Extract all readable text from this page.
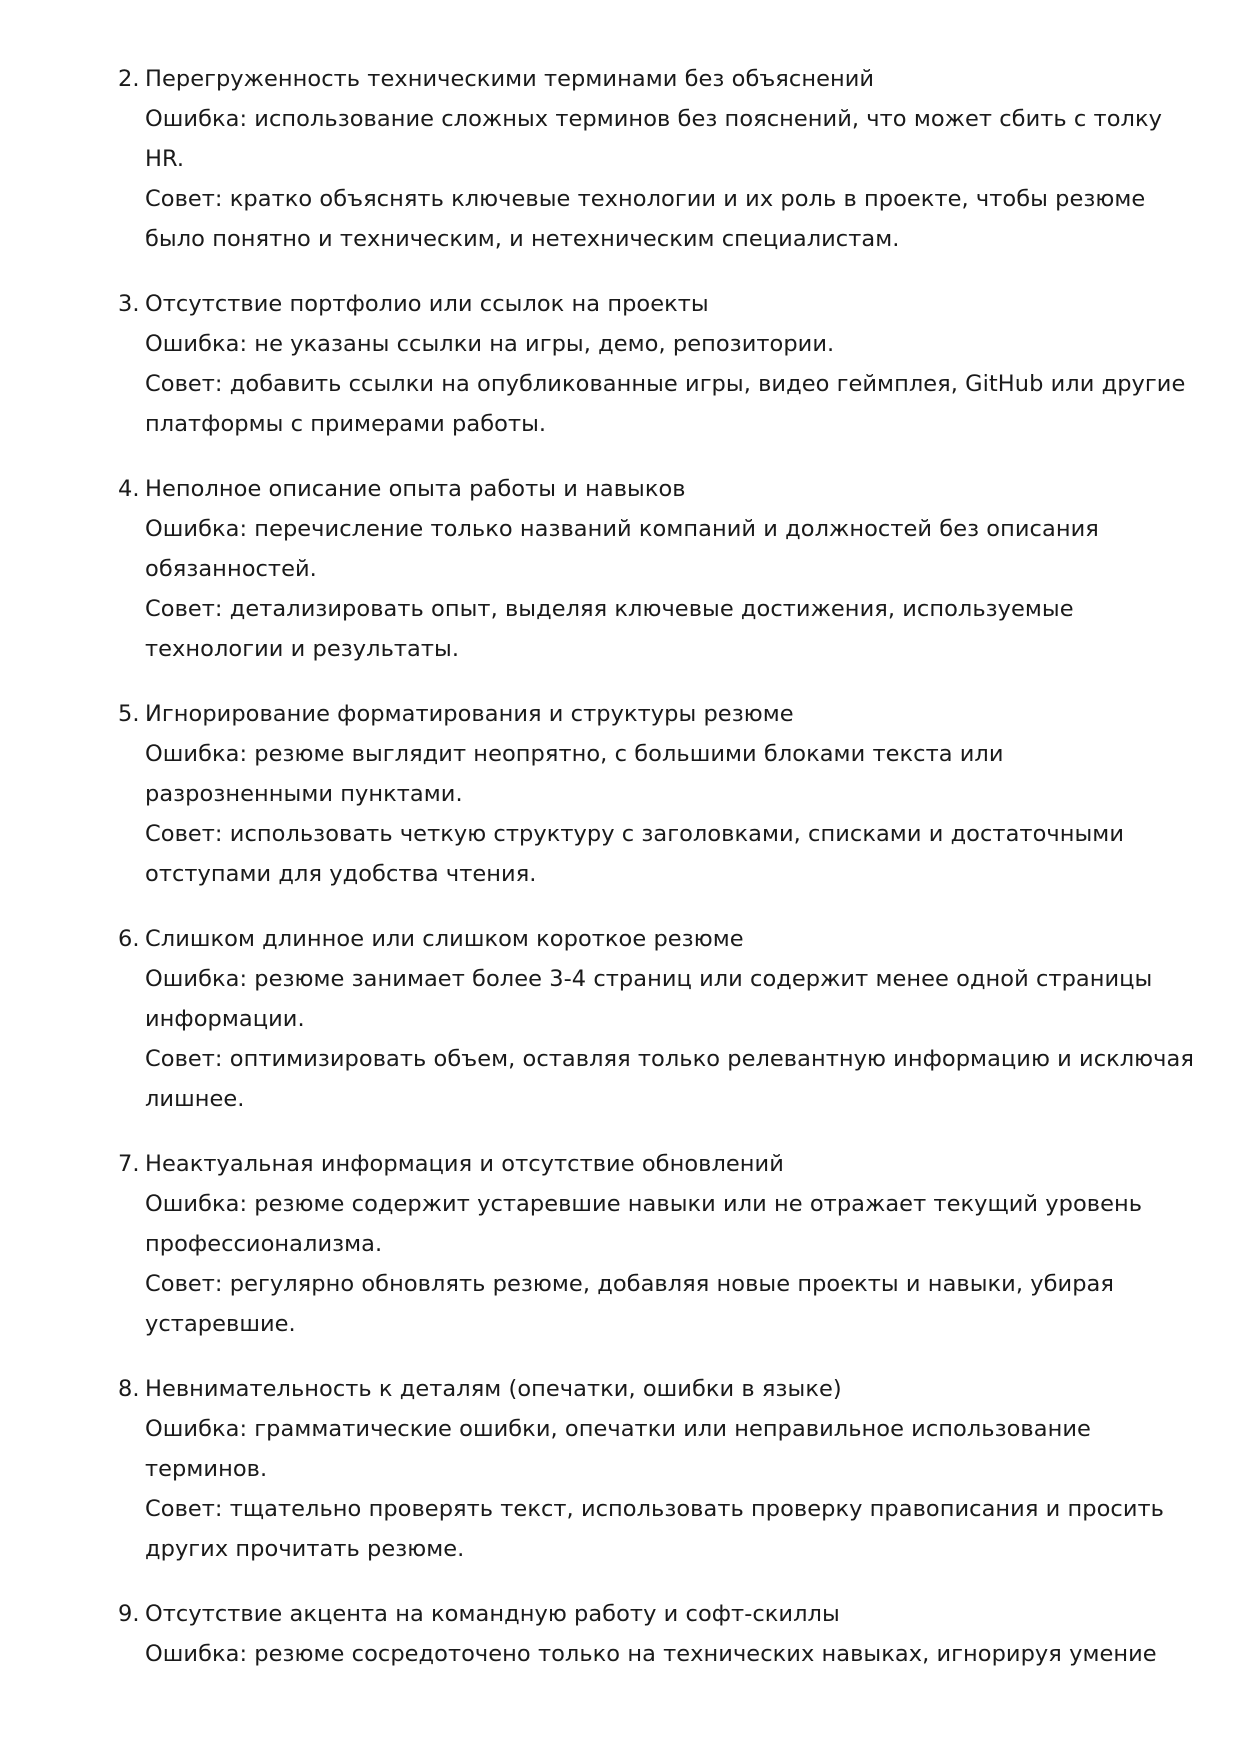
2. Перегруженность техническими терминами без объяснений
Ошибка: использование сложных терминов без пояснений, что может сбить с толку
HR.
Совет: кратко объяснять ключевые технологии и их роль в проекте, чтобы резюме
было понятно и техническим, и нетехническим специалистам.
3. Отсутствие портфолио или ссылок на проекты
Ошибка: не указаны ссылки на игры, демо, репозитории.
Совет: добавить ссылки на опубликованные игры, видео геймплея, GitHub или другие
платформы с примерами работы.
4. Неполное описание опыта работы и навыков
Ошибка: перечисление только названий компаний и должностей без описания
обязанностей.
Совет: детализировать опыт, выделяя ключевые достижения, используемые
технологии и результаты.
5. Игнорирование форматирования и структуры резюме
Ошибка: резюме выглядит неопрятно, с большими блоками текста или
разрозненными пунктами.
Совет: использовать четкую структуру с заголовками, списками и достаточными
отступами для удобства чтения.
6. Слишком длинное или слишком короткое резюме
Ошибка: резюме занимает более 3-4 страниц или содержит менее одной страницы
информации.
Совет: оптимизировать объем, оставляя только релевантную информацию и исключая
лишнее.
7. Неактуальная информация и отсутствие обновлений
Ошибка: резюме содержит устаревшие навыки или не отражает текущий уровень
профессионализма.
Совет: регулярно обновлять резюме, добавляя новые проекты и навыки, убирая
устаревшие.
8. Невнимательность к деталям (опечатки, ошибки в языке)
Ошибка: грамматические ошибки, опечатки или неправильное использование
терминов.
Совет: тщательно проверять текст, использовать проверку правописания и просить
других прочитать резюме.
9. Отсутствие акцента на командную работу и софт-скиллы
Ошибка: резюме сосредоточено только на технических навыках, игнорируя умение
